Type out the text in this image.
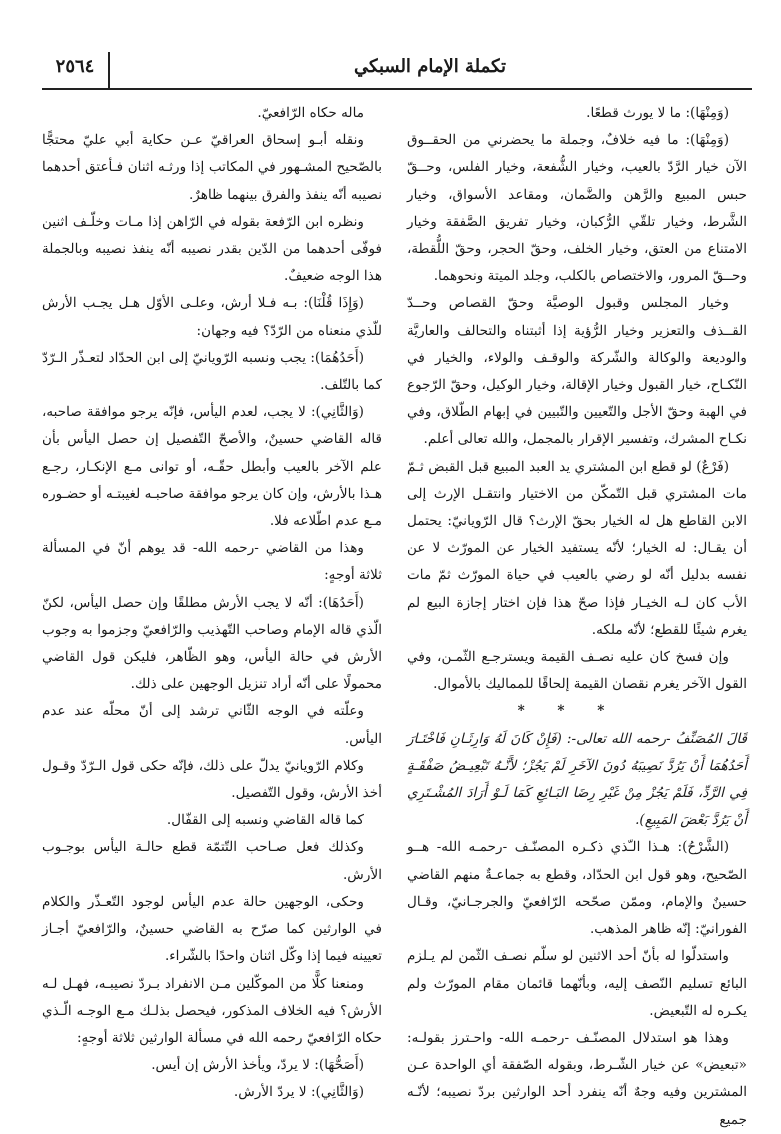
٢٥٦٤	تكملة الإمام السبكي

(وَمِنْهَا): ما لا يورث قطعًا.

(وَمِنْهَا): ما فيه خلافٌ، وجملة ما يحضرني من الحقــوق الآن خيار الرَّدّ بالعيب، وخيار الشُّفعة، وخيار الفلس، وحــقّ حبس المبيع والرَّهن والضَّمان، ومقاعد الأسواق، وخيار الشَّرط، وخيار تلقّي الرُّكبان، وخيار تفريق الصَّفقة وخيار الامتناع من العتق، وخيار الخلف، وحقّ الحجر، وحقّ اللُّقطة، وحــقّ المرور، والاختصاص بالكلب، وجلد الميتة ونحوهما.

وخيار المجلس وقبول الوصيَّة وحقّ القصاص وحــدّ القــذف والتعزير وخيار الرُّؤية إذا أثبتناه والتحالف والعاريَّة والوديعة والوكالة والشّركة والوقـف والولاء، والخيار في النّكـاح، خيار القبول وخيار الإقالة، وخيار الوكيل، وحقّ الرّجوع في الهبة وحقّ الأجل والتّعيين والتّبيين في إبهام الطّلاق، وفي نكـاح المشرك، وتفسير الإقرار بالمجمل، والله تعالى أعلم.

(فَرْعٌ) لو قطع ابن المشتري يد العبد المبيع قبل القبض ثـمّ مات المشتري قبل التّمكّن من الاختيار وانتقـل الإرث إلى الابن القاطع هل له الخيار بحقّ الإرث؟ قال الرّويانيّ: يحتمل أن يقـال: له الخيار؛ لأنّه يستفيد الخيار عن المورّث لا عن نفسه بدليل أنّه لو رضي بالعيب في حياة المورّث ثمّ مات الأب كان لـه الخيـار فإذا صحّ هذا فإن اختار إجازة البيع لم يغرم شيئًا للقطع؛ لأنّه ملكه.

وإن فسخ كان عليه نصـف القيمة ويسترجـع الثّمـن، وفي القول الآخر يغرم نقصان القيمة إلحاقًا للمماليك بالأموال.

* * *

قَالَ المُصَنِّفُ -رحمه الله تعالى-: (فَإِنْ كَانَ لَهُ وَارِثَـانِ فَاخْتَـارَ أَحَدُهُمَا أَنْ يَرُدَّ نَصِيبَهُ دُونَ الآخَرِ لَمْ يَجُزْ؛ لأَنَّـهُ تَبْعِيـضُ صَفْقَـةٍ فِي الرَّدِّ، فَلَمْ يَجُزْ مِنْ غَيْرِ رِضَا البَـائِعِ كَمَا لَـوْ أَرَادَ المُشْـتَرِي أَنْ يَرُدَّ بَعْضَ المَبِيعِ).

(الشَّرْحُ): هـذا الـّذي ذكـره المصنّـف -رحمـه الله- هــو الصّحيح، وهو قول ابن الحدّاد، وقطع به جماعـةٌ منهم القاضي حسينٌ والإمام، وممّن صحّحه الرّافعيّ والجرجـانيّ، وقـال الفورانيّ: إنّه ظاهر المذهب.

واستدلّوا له بأنّ أحد الاثنين لو سلّم نصـف الثّمن لم يـلزم البائع تسليم النّصف إليه، وبأنّهما قائمان مقام المورّث ولم يكـره له التّبعيض.

وهذا هو استدلال المصنّـف -رحمـه الله- واحـترز بقولـه: «تبعيض» عن خيار الشّـرط، وبقوله الصّفقة أي الواحدة عـن المشترين وفيه وجهٌ أنّه ينفرد أحد الوارثين بردّ نصيبه؛ لأنّـه جميع

ماله حكاه الرّافعيّ.

ونقله أبـو إسحاق العراقيّ عـن حكاية أبي عليّ محتجًّا بالصّحيح المشـهور في المكاتب إذا ورثـه اثنان فـأعتق أحدهما نصيبه أنّه ينفذ والفرق بينهما ظاهرٌ.

ونظره ابن الرّفعة بقوله في الرّاهن إذا مـات وخلّـف اثنين فوفّى أحدهما من الدّين بقدر نصيبه أنّه ينفذ نصيبه وبالجملة هذا الوجه ضعيفٌ.

(وَإِذَا قُلْنَا): بـه فـلا أرش، وعلـى الأوّل هـل يجـب الأرش للّذي منعناه من الرّدّ؟ فيه وجهان:

(أَحَدُهُمَا): يجب ونسبه الرّويانيّ إلى ابن الحدّاد لتعـذّر الـرّدّ كما بالتّلف.

(وَالثَّانِي): لا يجب، لعدم اليأس، فإنّه يرجو موافقة صاحبه، قاله القاضي حسينٌ، والأصحّ التّفصيل إن حصل اليأس بأن علم الآخر بالعيب وأبطل حقّـه، أو توانى مـع الإنكـار، رجـع هـذا بالأرش، وإن كان يرجو موافقة صاحبـه لغيبتـه أو حضـوره مـع عدم اطّلاعه فلا.

وهذا من القاضي -رحمه الله- قد يوهم أنّ في المسألة ثلاثة أوجهٍ:

(أَحَدُهَا): أنّه لا يجب الأرش مطلقًا وإن حصل اليأس، لكنّ الّذي قاله الإمام وصاحب التّهذيب والرّافعيّ وجزموا به وجوب الأرش في حالة اليأس، وهو الظّاهر، فليكن قول القاضي محمولًا على أنّه أراد تنزيل الوجهين على ذلك.

وعلّته في الوجه الثّاني ترشد إلى أنّ محلّه عند عدم اليأس.

وكلام الرّويانيّ يدلّ على ذلك، فإنّه حكى قول الـرّدّ وقـول أخذ الأرش، وقول التّفصيل.

كما قاله القاضي ونسبه إلى القفّال.

وكذلك فعل صـاحب التّتمّة قطع حالـة اليأس بوجـوب الأرش.

وحكى، الوجهين حالة عدم اليأس لوجود التّعـذّر والكلام في الوارثين كما صرّح به القاضي حسينٌ، والرّافعيّ أجـاز تعيينه فيما إذا وكّل اثنان واحدًا بالشّراء.

ومنعنا كلًّا من الموكّلين مـن الانفراد بـردّ نصيبـه، فهـل لـه الأرش؟ فيه الخلاف المذكور، فيحصل بذلـك مـع الوجـه الّـذي حكاه الرّافعيّ رحمه الله في مسألة الوارثين ثلاثة أوجهٍ:

(أَصَحُّهَا): لا يردّ، ويأخذ الأرش إن أيس.

(وَالثَّانِي): لا يردّ الأرش.
